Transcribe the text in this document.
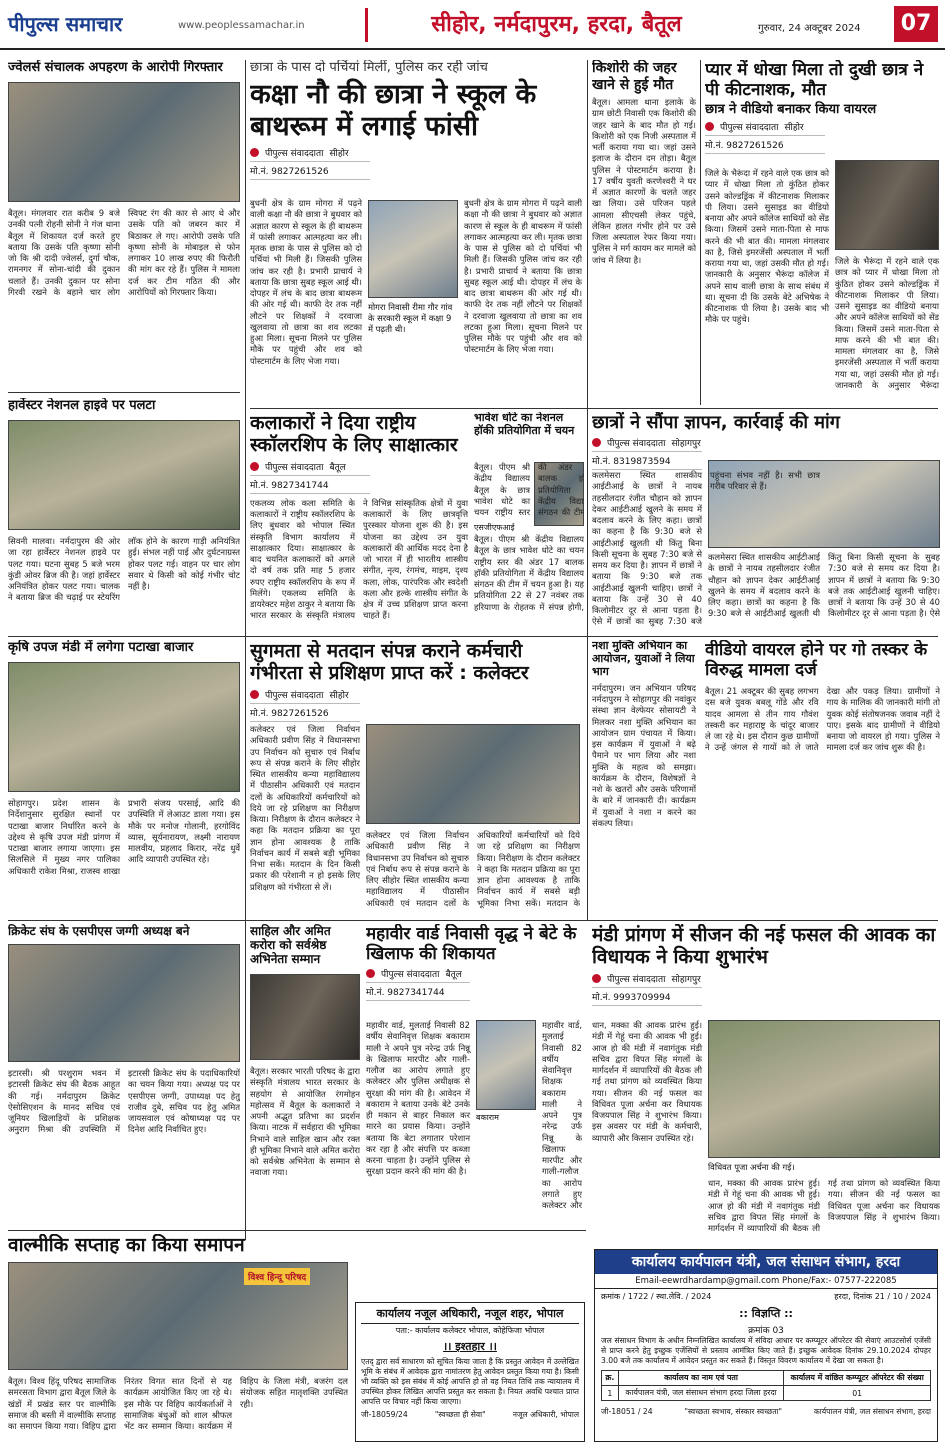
पीपुल्स समाचार	www.peoplessamachar.in	सीहोर, नर्मदापुरम, हरदा, बैतूल	गुरुवार, 24 अक्टूबर 2024	07
ज्वेलर्स संचालक अपहरण के आरोपी गिरफ्तार
बैतूल। मंगलवार रात करीब 9 बजे उनकी पत्नी रोहनी सोनी ने गंज थाना बैतूल में शिकायत दर्ज करते हुए बताया कि उसके पति कृष्णा सोनी जो कि श्री दादी ज्वेलर्स, दुर्गा चौक, रामनगर में सोना-चांदी की दुकान चलाते हैं। उनकी दुकान पर सोना गिरवी रखने के बहाने चार लोग स्विफ्ट रंग की कार से आए थे और उसके पति को जबरन कार में बिठाकर ले गए। आरोपी उसके पति कृष्णा सोनी के मोबाइल से फोन लगाकर 10 लाख रुपए की फिरौती की मांग कर रहे हैं। पुलिस ने मामला दर्ज कर टीम गठित की और आरोपियों को गिरफ्तार किया।
छात्रा के पास दो पर्चियां मिलीं, पुलिस कर रही जांच
कक्षा नौ की छात्रा ने स्कूल के बाथरूम में लगाई फांसी
पीपुल्स संवाददाता सीहोर
मो.नं. 9827261526
बुधनी क्षेत्र के ग्राम मोगरा में पढ़ने वाली कक्षा नौ की छात्रा ने बुधवार को अज्ञात कारण से स्कूल के ही बाथरूम में फांसी लगाकर आत्महत्या कर ली। मृतक छात्रा के पास से पुलिस को दो पर्चियां भी मिली हैं। जिसकी पुलिस जांच कर रही है। प्रभारी प्राचार्य ने बताया कि छात्रा सुबह स्कूल आई थी। दोपहर में लंच के बाद छात्रा बाथरूम की ओर गई थी। काफी देर तक नहीं लौटने पर शिक्षकों ने दरवाजा खुलवाया तो छात्रा का शव लटका हुआ मिला। सूचना मिलने पर पुलिस मौके पर पहुंची और शव को पोस्टमार्टम के लिए भेजा गया।
मोगरा निवासी रीमा गौर गांव के सरकारी स्कूल में कक्षा 9 में पढ़ती थी।
बुधनी क्षेत्र के ग्राम मोगरा में पढ़ने वाली कक्षा नौ की छात्रा ने बुधवार को अज्ञात कारण से स्कूल के ही बाथरूम में फांसी लगाकर आत्महत्या कर ली। मृतक छात्रा के पास से पुलिस को दो पर्चियां भी मिली हैं। जिसकी पुलिस जांच कर रही है। प्रभारी प्राचार्य ने बताया कि छात्रा सुबह स्कूल आई थी। दोपहर में लंच के बाद छात्रा बाथरूम की ओर गई थी। काफी देर तक नहीं लौटने पर शिक्षकों ने दरवाजा खुलवाया तो छात्रा का शव लटका हुआ मिला। सूचना मिलने पर पुलिस मौके पर पहुंची और शव को पोस्टमार्टम के लिए भेजा गया।
किशोरी की जहर खाने से हुई मौत
बैतूल। आमला थाना इलाके के ग्राम छोटी निवासी एक किशोरी की जहर खाने के बाद मौत हो गई। किशोरी को एक निजी अस्पताल में भर्ती कराया गया था। जहां उसने इलाज के दौरान दम तोड़ा। बैतूल पुलिस ने पोस्टमार्टम कराया है। 17 वर्षीय युवती करणेश्वरी ने घर में अज्ञात कारणों के चलते जहर खा लिया। उसे परिजन पहले आमला सीएचसी लेकर पहुंचे, लेकिन हालत गंभीर होने पर उसे जिला अस्पताल रेफर किया गया। पुलिस ने मर्ग कायम कर मामले को जांच में लिया है।
प्यार में धोखा मिला तो दुखी छात्र ने पी कीटनाशक, मौत
छात्र ने वीडियो बनाकर किया वायरल
पीपुल्स संवाददाता सीहोर
मो.नं. 9827261526
जिले के भैरूंदा में रहने वाले एक छात्र को प्यार में धोखा मिला तो कुंठित होकर उसने कोल्डड्रिंक में कीटनाशक मिलाकर पी लिया। उसने सुसाइड का वीडियो बनाया और अपने कॉलेज साथियों को सेंड किया। जिसमें उसने माता-पिता से माफ करने की भी बात की। मामला मंगलवार का है, जिसे इमरजेंसी अस्पताल में भर्ती कराया गया था, जहां उसकी मौत हो गई। जानकारी के अनुसार भैरूंदा कॉलेज में अपने साथ वाली छात्रा के साथ संबंध में था। सूचना दी कि उसके बेटे अभिषेक ने कीटनाशक पी लिया है। उसके बाद भी मौके पर पहुंचे।
जिले के भैरूंदा में रहने वाले एक छात्र को प्यार में धोखा मिला तो कुंठित होकर उसने कोल्डड्रिंक में कीटनाशक मिलाकर पी लिया। उसने सुसाइड का वीडियो बनाया और अपने कॉलेज साथियों को सेंड किया। जिसमें उसने माता-पिता से माफ करने की भी बात की। मामला मंगलवार का है, जिसे इमरजेंसी अस्पताल में भर्ती कराया गया था, जहां उसकी मौत हो गई। जानकारी के अनुसार भैरूंदा
हार्वेस्टर नेशनल हाइवे पर पलटा
सिवनी मालवा। नर्मदापुरम की ओर जा रहा हार्वेस्टर नेशनल हाइवे पर पलट गया। घटना सुबह 5 बजे भरम कुंडी ओवर ब्रिज की है। जहां हार्वेस्टर अनियंत्रित होकर पलट गया। चालक ने बताया ब्रिज की चढ़ाई पर स्टेयरिंग लॉक होने के कारण गाड़ी अनियंत्रित हुई। संभल नहीं पाई और दुर्घटनाग्रस्त होकर पलट गई। वाहन पर चार लोग सवार थे किसी को कोई गंभीर चोट नहीं है।
कलाकारों ने दिया राष्ट्रीय स्कॉलरशिप के लिए साक्षात्कार
पीपुल्स संवाददाता बैतूल
मो.नं. 9827341744
एकलव्य लोक कला समिति के कलाकारों ने राष्ट्रीय स्कॉलरशिप के लिए बुधवार को भोपाल स्थित संस्कृति विभाग कार्यालय में साक्षात्कार दिया। साक्षात्कार के बाद चयनित कलाकारों को अगले दो वर्ष तक प्रति माह 5 हजार रुपए राष्ट्रीय स्कॉलरशिप के रूप में मिलेंगे। एकलव्य समिति के डायरेक्टर महेश ठाकुर ने बताया कि भारत सरकार के संस्कृति मंत्रालय ने विभिन्न सांस्कृतिक क्षेत्रों में युवा कलाकारों के लिए छात्रवृत्ति पुरस्कार योजना शुरू की है। इस योजना का उद्देश्य उन युवा कलाकारों की आर्थिक मदद देना है जो भारत में ही भारतीय शास्त्रीय संगीत, नृत्य, रंगमंच, माइम, दृश्य कला, लोक, पारंपरिक और स्वदेशी कला और हल्के शास्त्रीय संगीत के क्षेत्र में उच्च प्रशिक्षण प्राप्त करना चाहते हैं।
भावेश धोटे का नेशनल हॉकी प्रतियोगिता में चयन
एसजीएफआई
बैतूल। पीएम श्री केंद्रीय विद्यालय बैतूल के छात्र भावेश धोटे का चयन राष्ट्रीय स्तर
बैतूल। पीएम श्री केंद्रीय विद्यालय बैतूल के छात्र भावेश धोटे का चयन राष्ट्रीय स्तर की अंडर 17 बालक हॉकी प्रतियोगिता में केंद्रीय विद्यालय संगठन की टीम में चयन हुआ है। यह प्रतियोगिता 22 से 27 नवंबर तक हरियाणा के रोहतक में संपन्न होगी,
छात्रों ने सौंपा ज्ञापन, कार्रवाई की मांग
पीपुल्स संवाददाता सोहागपुर
मो.नं. 8319873594
कलमेसरा स्थित शासकीय आईटीआई के छात्रों ने नायब तहसीलदार रंजीत चौहान को ज्ञापन देकर आईटीआई खुलने के समय में बदलाव करने के लिए कहा। छात्रों का कहना है कि 9:30 बजे से आईटीआई खुलती थी किंतु बिना किसी सूचना के सुबह 7:30 बजे से समय कर दिया है। ज्ञापन में छात्रों ने बताया कि 9:30 बजे तक आईटीआई खुलनी चाहिए। छात्रों ने बताया कि उन्हें 30 से 40 किलोमीटर दूर से आना पड़ता है। ऐसे में छात्रों का सुबह 7:30 बजे
कलमेसरा स्थित शासकीय आईटीआई के छात्रों ने नायब तहसीलदार रंजीत चौहान को ज्ञापन देकर आईटीआई खुलने के समय में बदलाव करने के लिए कहा। छात्रों का कहना है कि 9:30 बजे से आईटीआई खुलती थी किंतु बिना किसी सूचना के सुबह 7:30 बजे से समय कर दिया है। ज्ञापन में छात्रों ने बताया कि 9:30 बजे तक आईटीआई खुलनी चाहिए। छात्रों ने बताया कि उन्हें 30 से 40 किलोमीटर दूर से आना पड़ता है। ऐसे
कृषि उपज मंडी में लगेगा पटाखा बाजार
सोहागपुर। प्रदेश शासन के निर्देशानुसार सुरक्षित स्थानों पर पटाखा बाजार निर्धारित करने के उद्देश्य से कृषि उपज मंडी प्रांगण में पटाखा बाजार लगाया जाएगा। इस सिलसिले में मुख्य नगर पालिका अधिकारी राकेश मिश्रा, राजस्व शाखा प्रभारी संजय परसाई, आदि की उपस्थिति में लेआउट डाला गया। इस मौके पर मनोज गोलानी, हरगोविंद व्यास, सूर्यनारायण, लक्ष्मी नारायण मालवीय, प्रहलाद किरार, नरेंद्र धुर्वे आदि व्यापारी उपस्थित रहे।
सुगमता से मतदान संपन्न कराने कर्मचारी गंभीरता से प्रशिक्षण प्राप्त करें : कलेक्टर
पीपुल्स संवाददाता सीहोर
मो.नं. 9827261526
कलेक्टर एवं जिला निर्वाचन अधिकारी प्रवीण सिंह ने विधानसभा उप निर्वाचन को सुचारु एवं निर्बाध रूप से संपन्न कराने के लिए सीहोर स्थित शासकीय कन्या महाविद्यालय में पीठासीन अधिकारी एवं मतदान दलों के अधिकारियों कर्मचारियों को दिये जा रहे प्रशिक्षण का निरीक्षण किया। निरीक्षण के दौरान कलेक्टर ने कहा कि मतदान प्रक्रिया का पूरा ज्ञान होना आवश्यक है ताकि निर्वाचन कार्य में सबसे बड़ी भूमिका निभा सकें। मतदान के दिन किसी प्रकार की परेशानी न हो इसके लिए प्रशिक्षण को गंभीरता से लें।
कलेक्टर एवं जिला निर्वाचन अधिकारी प्रवीण सिंह ने विधानसभा उप निर्वाचन को सुचारु एवं निर्बाध रूप से संपन्न कराने के लिए सीहोर स्थित शासकीय कन्या महाविद्यालय में पीठासीन अधिकारी एवं मतदान दलों के अधिकारियों कर्मचारियों को दिये जा रहे प्रशिक्षण का निरीक्षण किया। निरीक्षण के दौरान कलेक्टर ने कहा कि मतदान प्रक्रिया का पूरा ज्ञान होना आवश्यक है ताकि निर्वाचन कार्य में सबसे बड़ी भूमिका निभा सकें। मतदान के
नशा मुक्ति अभियान का आयोजन, युवाओं ने लिया भाग
नर्मदापुरम। जन अभियान परिषद नर्मदापुरम ने सोहागपुर की नवांकुर संस्था ज्ञान वेल्फेयर सोसायटी ने मिलकर नशा मुक्ति अभियान का आयोजन ग्राम पंचायत में किया। इस कार्यक्रम में युवाओं ने बढ़े पैमाने पर भाग लिया और नशा मुक्ति के महत्व को समझा। कार्यक्रम के दौरान, विशेषज्ञों ने नशे के खतरों और उसके परिणामों के बारे में जानकारी दी। कार्यक्रम में युवाओं ने नशा न करने का संकल्प लिया।
वीडियो वायरल होने पर गो तस्कर के विरुद्ध मामला दर्ज
बैतूल। 21 अक्टूबर की सुबह लगभग दस बजे युवक बबलू गोंडे और रवि यादव आमला से तीन गाय गौवंश तस्करी कर महाराष्ट्र के चांदूर बाजार ले जा रहे थे। इस दौरान कुछ ग्रामीणों ने उन्हें जंगल से गायों को ले जाते देखा और पकड़ लिया। ग्रामीणों ने गाय के मालिक की जानकारी मांगी तो युवक कोई संतोषजनक जवाब नहीं दे पाए। इसके बाद ग्रामीणों ने वीडियो बनाया जो वायरल हो गया। पुलिस ने मामला दर्ज कर जांच शुरू की है।
क्रिकेट संघ के एसपीएस जग्गी अध्यक्ष बने
इटारसी। श्री परशुराम भवन में इटारसी क्रिकेट संघ की बैठक आहूत की गई। नर्मदापुरम क्रिकेट ऐसोसिएशन के मानद सचिव एवं जूनियर खिलाड़ियों के प्रशिक्षक अनुराग मिश्रा की उपस्थिति में इटारसी क्रिकेट संघ के पदाधिकारियों का चयन किया गया। अध्यक्ष पद पर एसपीएस जग्गी, उपाध्यक्ष पद हेतु राजीव दुबे, सचिव पद हेतु अमित जायसवाल एवं कोषाध्यक्ष पद पर दिनेश आदि निर्वाचित हुए।
साहिल और अमित करोरा को सर्वश्रेष्ठ अभिनेता सम्मान
बैतूल। सरकार भारती परिषद के द्वारा संस्कृति मंत्रालय भारत सरकार के सहयोग से आयोजित रंगमोहन महोत्सव में बैतूल के कलाकारों ने अपनी अद्भुत प्रतिभा का प्रदर्शन किया। नाटक में सर्वहारा की भूमिका निभाने वाले साहिल खान और रक्त ही भूमिका निभाने वाले अमित करोरा को सर्वश्रेष्ठ अभिनेता के सम्मान से नवाजा गया।
महावीर वार्ड निवासी वृद्ध ने बेटे के खिलाफ की शिकायत
पीपुल्स संवाददाता बैतूल
मो.नं. 9827341744
महावीर वार्ड, मुलताई निवासी 82 वर्षीय सेवानिवृत्त शिक्षक बकाराम माली ने अपने पुत्र नरेन्द्र उर्फ निन्नू के खिलाफ मारपीट और गाली-गलौज का आरोप लगाते हुए कलेक्टर और पुलिस अधीक्षक से सुरक्षा की मांग की है। आवेदन में बकाराम ने बताया उनके बेटे उनके ही मकान से बाहर निकाल कर मारने का प्रयास किया। उन्होंने बताया कि बेटा लगातार परेशान कर रहा है और संपत्ति पर कब्जा करना चाहता है। उन्होंने पुलिस से सुरक्षा प्रदान करने की मांग की है।
बकाराम
महावीर वार्ड, मुलताई निवासी 82 वर्षीय सेवानिवृत्त शिक्षक बकाराम माली ने अपने पुत्र नरेन्द्र उर्फ निन्नू के खिलाफ मारपीट और गाली-गलौज का आरोप लगाते हुए कलेक्टर और
मंडी प्रांगण में सीजन की नई फसल की आवक का विधायक ने किया शुभारंभ
पीपुल्स संवाददाता सोहागपुर
मो.नं. 9993709994
धान, मक्का की आवक प्रारंभ हुई। मंडी में गेहूं चना की आवक भी हुई। आज हो की मंडी में नवागंतुक मंडी सचिव द्वारा विपत सिंह मंगलों के मार्गदर्शन में व्यापारियों की बैठक ली गई तथा प्रांगण को व्यवस्थित किया गया। सीजन की नई फसल का विधिवत पूजा अर्चना कर विधायक विजयपाल सिंह ने शुभारंभ किया। इस अवसर पर मंडी के कर्मचारी, व्यापारी और किसान उपस्थित रहे।
विधिवत पूजा अर्चना की गई।
धान, मक्का की आवक प्रारंभ हुई। मंडी में गेहूं चना की आवक भी हुई। आज हो की मंडी में नवागंतुक मंडी सचिव द्वारा विपत सिंह मंगलों के मार्गदर्शन में व्यापारियों की बैठक ली गई तथा प्रांगण को व्यवस्थित किया गया। सीजन की नई फसल का विधिवत पूजा अर्चना कर विधायक विजयपाल सिंह ने शुभारंभ किया।
वाल्मीकि सप्ताह का किया समापन
विश्व हिन्दू परिषद
बैतूल। विश्व हिंदू परिषद सामाजिक समरसता विभाग द्वारा बैतूल जिले के खंडों में प्रखंड स्तर पर वाल्मीकि समाज की बस्ती में वाल्मीकि सप्ताह का समापन किया गया। विहिप द्वारा निरंतर विगत सात दिनों से यह कार्यक्रम आयोजित किए जा रहे थे। इस मौके पर विहिप कार्यकर्ताओं ने सामाजिक बंधुओं को शाल श्रीफल भेंट कर सम्मान किया। कार्यक्रम में विहिप के जिला मंत्री, बजरंग दल संयोजक सहित मातृशक्ति उपस्थित रही।
कार्यालय नजूल अधिकारी, नजूल शहर, भोपाल
पता:- कार्यालय कलेक्टर भोपाल, कोहेफिजा भोपाल
।। इश्तहार ।।
एतद् द्वारा सर्व साधारण को सूचित किया जाता है कि प्रस्तुत आवेदन में उल्लेखित भूमि के संबंध में आवेदक द्वारा नामांतरण हेतु आवेदन प्रस्तुत किया गया है। किसी भी व्यक्ति को इस संबंध में कोई आपत्ति हो तो वह नियत तिथि तक न्यायालय में उपस्थित होकर लिखित आपत्ति प्रस्तुत कर सकता है। नियत अवधि पश्चात प्राप्त आपत्ति पर विचार नहीं किया जाएगा।
जी-18059/24	"स्वच्छता ही सेवा"	नजूल अधिकारी, भोपाल
कार्यालय कार्यपालन यंत्री, जल संसाधन संभाग, हरदा
Email-eewrdhardamp@gmail.com Phone/Fax:- 07577-222085
क्रमांक / 1722 / स्था.लेवि. / 2024	हरदा, दिनांक 21 / 10 / 2024
:: विज्ञप्ति ::
क्रमांक 03
जल संसाधन विभाग के अधीन निम्नलिखित कार्यालय में संविदा आधार पर कम्प्यूटर ऑपरेटर की सेवाएं आउटसोर्स एजेंसी से प्राप्त करने हेतु इच्छुक एजेंसियों से प्रस्ताव आमंत्रित किए जाते हैं। इच्छुक आवेदक दिनांक 29.10.2024 दोपहर 3.00 बजे तक कार्यालय में आवेदन प्रस्तुत कर सकते हैं। विस्तृत विवरण कार्यालय में देखा जा सकता है।
क्र.	कार्यालय का नाम एवं पता	कार्यालय में वांछित कम्प्यूटर ऑपरेटर की संख्या
1	कार्यपालन यंत्री, जल संसाधन संभाग हरदा जिला हरदा	01
जी-18051 / 24	"स्वच्छता स्वभाव, संस्कार स्वच्छता"	कार्यपालन यंत्री, जल संसाधन संभाग, हरदा
